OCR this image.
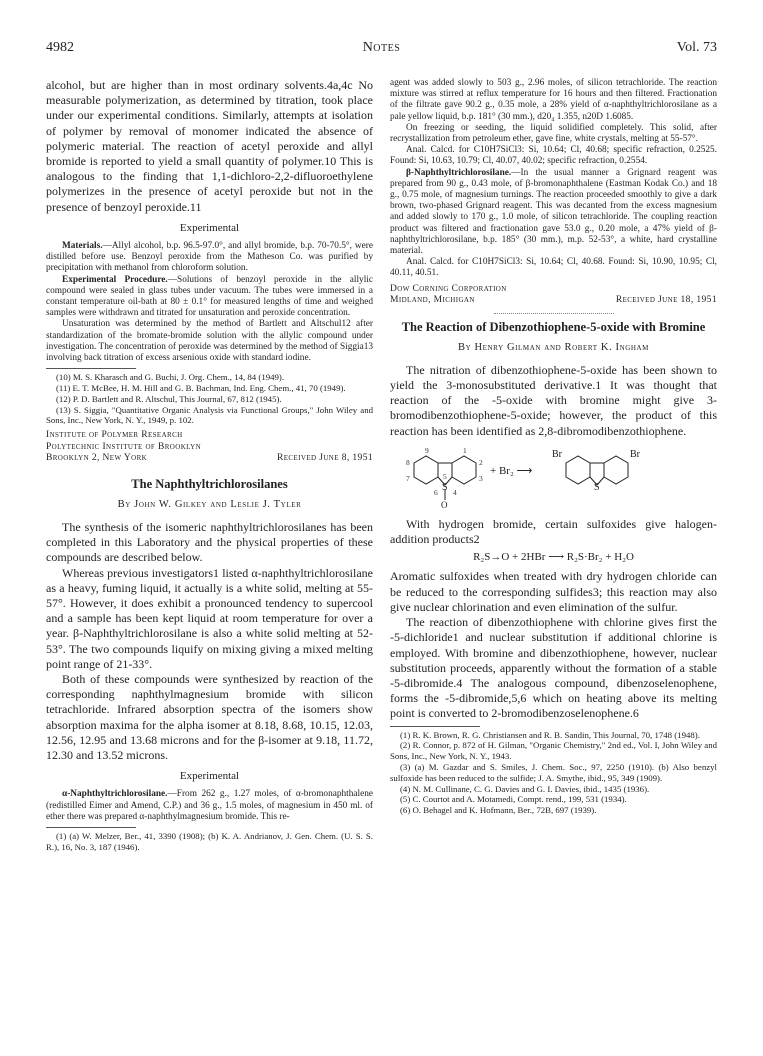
4982	Notes	Vol. 73

alcohol, but are higher than in most ordinary solvents.4a,4c No measurable polymerization, as determined by titration, took place under our experimental conditions. Similarly, attempts at isolation of polymer by removal of monomer indicated the absence of polymeric material. The reaction of acetyl peroxide and allyl bromide is reported to yield a small quantity of polymer.10 This is analogous to the finding that 1,1-dichloro-2,2-difluoroethylene polymerizes in the presence of acetyl peroxide but not in the presence of benzoyl peroxide.11

Experimental

Materials.—Allyl alcohol, b.p. 96.5-97.0°, and allyl bromide, b.p. 70-70.5°, were distilled before use. Benzoyl peroxide from the Matheson Co. was purified by precipitation with methanol from chloroform solution.

Experimental Procedure.—Solutions of benzoyl peroxide in the allylic compound were sealed in glass tubes under vacuum. The tubes were immersed in a constant temperature oil-bath at 80 ± 0.1° for measured lengths of time and weighed samples were withdrawn and titrated for unsaturation and peroxide concentration.

Unsaturation was determined by the method of Bartlett and Altschul12 after standardization of the bromate-bromide solution with the allylic compound under investigation. The concentration of peroxide was determined by the method of Siggia13 involving back titration of excess arsenious oxide with standard iodine.

(10) M. S. Kharasch and G. Buchi, J. Org. Chem., 14, 84 (1949).

(11) E. T. McBee, H. M. Hill and G. B. Bachman, Ind. Eng. Chem., 41, 70 (1949).

(12) P. D. Bartlett and R. Altschul, This Journal, 67, 812 (1945).

(13) S. Siggia, "Quantitative Organic Analysis via Functional Groups," John Wiley and Sons, Inc., New York, N. Y., 1949, p. 102.

Institute of Polymer Research
Polytechnic Institute of Brooklyn
Brooklyn 2, New York	Received June 8, 1951

The Naphthyltrichlorosilanes

By John W. Gilkey and Leslie J. Tyler

The synthesis of the isomeric naphthyltrichlorosilanes has been completed in this Laboratory and the physical properties of these compounds are described below.

Whereas previous investigators1 listed α-naphthyltrichlorosilane as a heavy, fuming liquid, it actually is a white solid, melting at 55-57°. However, it does exhibit a pronounced tendency to supercool and a sample has been kept liquid at room temperature for over a year. β-Naphthyltrichlorosilane is also a white solid melting at 52-53°. The two compounds liquify on mixing giving a mixed melting point range of 21-33°.

Both of these compounds were synthesized by reaction of the corresponding naphthylmagnesium bromide with silicon tetrachloride. Infrared absorption spectra of the isomers show absorption maxima for the alpha isomer at 8.18, 8.68, 10.15, 12.03, 12.56, 12.95 and 13.68 microns and for the β-isomer at 9.18, 11.72, 12.30 and 13.52 microns.

Experimental

α-Naphthyltrichlorosilane.—From 262 g., 1.27 moles, of α-bromonaphthalene (redistilled Eimer and Amend, C.P.) and 36 g., 1.5 moles, of magnesium in 450 ml. of ether there was prepared α-naphthylmagnesium bromide. This re-

(1) (a) W. Melzer, Ber., 41, 3390 (1908); (b) K. A. Andrianov, J. Gen. Chem. (U. S. S. R.), 16, No. 3, 187 (1946).

agent was added slowly to 503 g., 2.96 moles, of silicon tetrachloride. The reaction mixture was stirred at reflux temperature for 16 hours and then filtered. Fractionation of the filtrate gave 90.2 g., 0.35 mole, a 28% yield of α-naphthyltrichlorosilane as a pale yellow liquid, b.p. 181° (30 mm.), d20₄ 1.355, n20D 1.6085.

On freezing or seeding, the liquid solidified completely. This solid, after recrystallization from petroleum ether, gave fine, white crystals, melting at 55-57°.

Anal. Calcd. for C10H7SiCl3: Si, 10.64; Cl, 40.68; specific refraction, 0.2525. Found: Si, 10.63, 10.79; Cl, 40.07, 40.02; specific refraction, 0.2554.

β-Naphthyltrichlorosilane.—In the usual manner a Grignard reagent was prepared from 90 g., 0.43 mole, of β-bromonaphthalene (Eastman Kodak Co.) and 18 g., 0.75 mole, of magnesium turnings. The reaction proceeded smoothly to give a dark brown, two-phased Grignard reagent. This was decanted from the excess magnesium and added slowly to 170 g., 1.0 mole, of silicon tetrachloride. The coupling reaction product was filtered and fractionation gave 53.0 g., 0.20 mole, a 47% yield of β-naphthyltrichlorosilane, b.p. 185° (30 mm.), m.p. 52-53°, a white, hard crystalline material.

Anal. Calcd. for C10H7SiCl3: Si, 10.64; Cl, 40.68. Found: Si, 10.90, 10.95; Cl, 40.11, 40.51.

Dow Corning Corporation
Midland, Michigan	Received June 18, 1951

The Reaction of Dibenzothiophene-5-oxide with Bromine

By Henry Gilman and Robert K. Ingham

The nitration of dibenzothiophene-5-oxide has been shown to yield the 3-monosubstituted derivative.1 It was thought that reaction of the -5-oxide with bromine might give 3-bromodibenzothiophene-5-oxide; however, the product of this reaction has been identified as 2,8-dibromodibenzothiophene.

9	1
8	2
7	3
6 4
5
S
O
+ Br₂ ⟶
S
Br	Br

With hydrogen bromide, certain sulfoxides give halogen-addition products2

R₂S→O + 2HBr ⟶ R₂S·Br₂ + H₂O

Aromatic sulfoxides when treated with dry hydrogen chloride can be reduced to the corresponding sulfides3; this reaction may also give nuclear chlorination and even elimination of the sulfur.

The reaction of dibenzothiophene with chlorine gives first the -5-dichloride1 and nuclear substitution if additional chlorine is employed. With bromine and dibenzothiophene, however, nuclear substitution proceeds, apparently without the formation of a stable -5-dibromide.4 The analogous compound, dibenzoselenophene, forms the -5-dibromide,5,6 which on heating above its melting point is converted to 2-bromodibenzoselenophene.6

(1) R. K. Brown, R. G. Christiansen and R. B. Sandin, This Journal, 70, 1748 (1948).

(2) R. Connor, p. 872 of H. Gilman, "Organic Chemistry," 2nd ed., Vol. I, John Wiley and Sons, Inc., New York, N. Y., 1943.

(3) (a) M. Gazdar and S. Smiles, J. Chem. Soc., 97, 2250 (1910). (b) Also benzyl sulfoxide has been reduced to the sulfide; J. A. Smythe, ibid., 95, 349 (1909).

(4) N. M. Cullinane, C. G. Davies and G. I. Davies, ibid., 1435 (1936).

(5) C. Courtot and A. Motamedi, Compt. rend., 199, 531 (1934).

(6) O. Behagel and K. Hofmann, Ber., 72B, 697 (1939).
